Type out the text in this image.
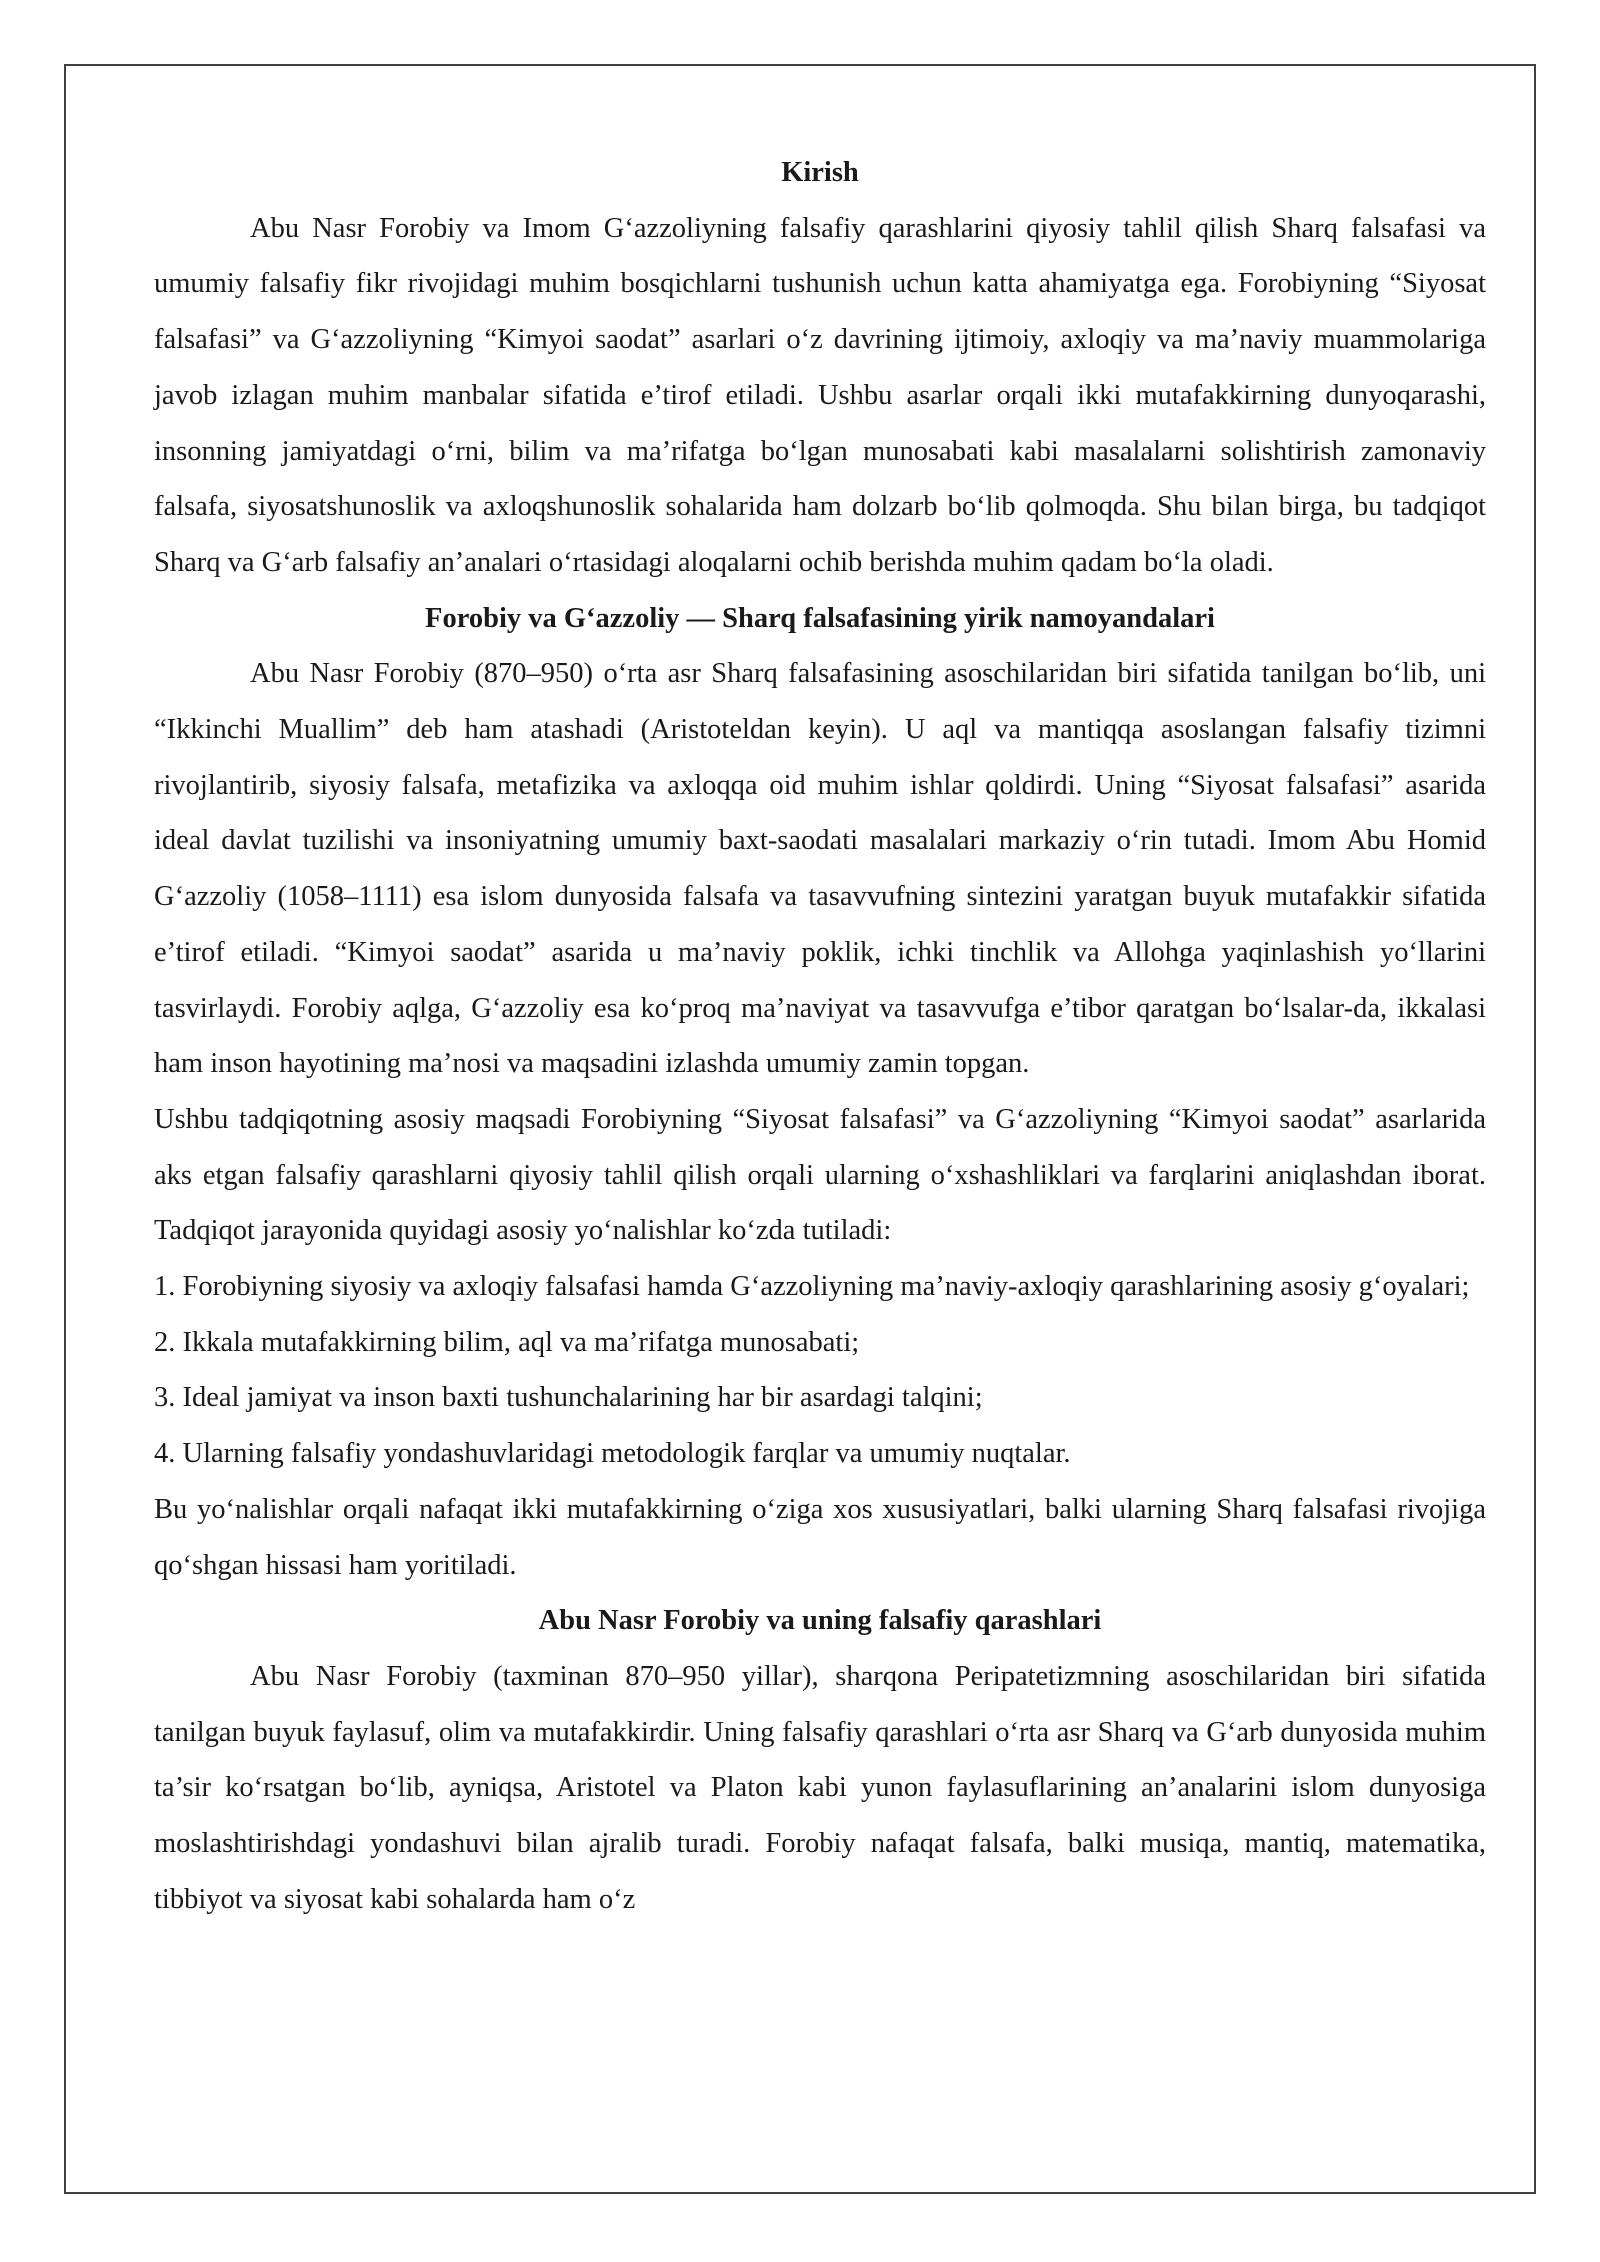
Kirish

Abu Nasr Forobiy va Imom G‘azzoliyning falsafiy qarashlarini qiyosiy tahlil qilish Sharq falsafasi va umumiy falsafiy fikr rivojidagi muhim bosqichlarni tushunish uchun katta ahamiyatga ega. Forobiyning “Siyosat falsafasi” va G‘azzoliyning “Kimyoi saodat” asarlari o‘z davrining ijtimoiy, axloqiy va ma’naviy muammolariga javob izlagan muhim manbalar sifatida e’tirof etiladi. Ushbu asarlar orqali ikki mutafakkirning dunyoqarashi, insonning jamiyatdagi o‘rni, bilim va ma’rifatga bo‘lgan munosabati kabi masalalarni solishtirish zamonaviy falsafa, siyosatshunoslik va axloqshunoslik sohalarida ham dolzarb bo‘lib qolmoqda. Shu bilan birga, bu tadqiqot Sharq va G‘arb falsafiy an’analari o‘rtasidagi aloqalarni ochib berishda muhim qadam bo‘la oladi.

Forobiy va G‘azzoliy — Sharq falsafasining yirik namoyandalari

Abu Nasr Forobiy (870–950) o‘rta asr Sharq falsafasining asoschilaridan biri sifatida tanilgan bo‘lib, uni “Ikkinchi Muallim” deb ham atashadi (Aristoteldan keyin). U aql va mantiqqa asoslangan falsafiy tizimni rivojlantirib, siyosiy falsafa, metafizika va axloqqa oid muhim ishlar qoldirdi. Uning “Siyosat falsafasi” asarida ideal davlat tuzilishi va insoniyatning umumiy baxt-saodati masalalari markaziy o‘rin tutadi. Imom Abu Homid G‘azzoliy (1058–1111) esa islom dunyosida falsafa va tasavvufning sintezini yaratgan buyuk mutafakkir sifatida e’tirof etiladi. “Kimyoi saodat” asarida u ma’naviy poklik, ichki tinchlik va Allohga yaqinlashish yo‘llarini tasvirlaydi. Forobiy aqlga, G‘azzoliy esa ko‘proq ma’naviyat va tasavvufga e’tibor qaratgan bo‘lsalar-da, ikkalasi ham inson hayotining ma’nosi va maqsadini izlashda umumiy zamin topgan.

Ushbu tadqiqotning asosiy maqsadi Forobiyning “Siyosat falsafasi” va G‘azzoliyning “Kimyoi saodat” asarlarida aks etgan falsafiy qarashlarni qiyosiy tahlil qilish orqali ularning o‘xshashliklari va farqlarini aniqlashdan iborat. Tadqiqot jarayonida quyidagi asosiy yo‘nalishlar ko‘zda tutiladi:

1. Forobiyning siyosiy va axloqiy falsafasi hamda G‘azzoliyning ma’naviy-axloqiy qarashlarining asosiy g‘oyalari;

2. Ikkala mutafakkirning bilim, aql va ma’rifatga munosabati;

3. Ideal jamiyat va inson baxti tushunchalarining har bir asardagi talqini;

4. Ularning falsafiy yondashuvlaridagi metodologik farqlar va umumiy nuqtalar.

Bu yo‘nalishlar orqali nafaqat ikki mutafakkirning o‘ziga xos xususiyatlari, balki ularning Sharq falsafasi rivojiga qo‘shgan hissasi ham yoritiladi.

Abu Nasr Forobiy va uning falsafiy qarashlari

Abu Nasr Forobiy (taxminan 870–950 yillar), sharqona Peripatetizmning asoschilaridan biri sifatida tanilgan buyuk faylasuf, olim va mutafakkirdir. Uning falsafiy qarashlari o‘rta asr Sharq va G‘arb dunyosida muhim ta’sir ko‘rsatgan bo‘lib, ayniqsa, Aristotel va Platon kabi yunon faylasuflarining an’analarini islom dunyosiga moslashtirishdagi yondashuvi bilan ajralib turadi. Forobiy nafaqat falsafa, balki musiqa, mantiq, matematika, tibbiyot va siyosat kabi sohalarda ham o‘z
